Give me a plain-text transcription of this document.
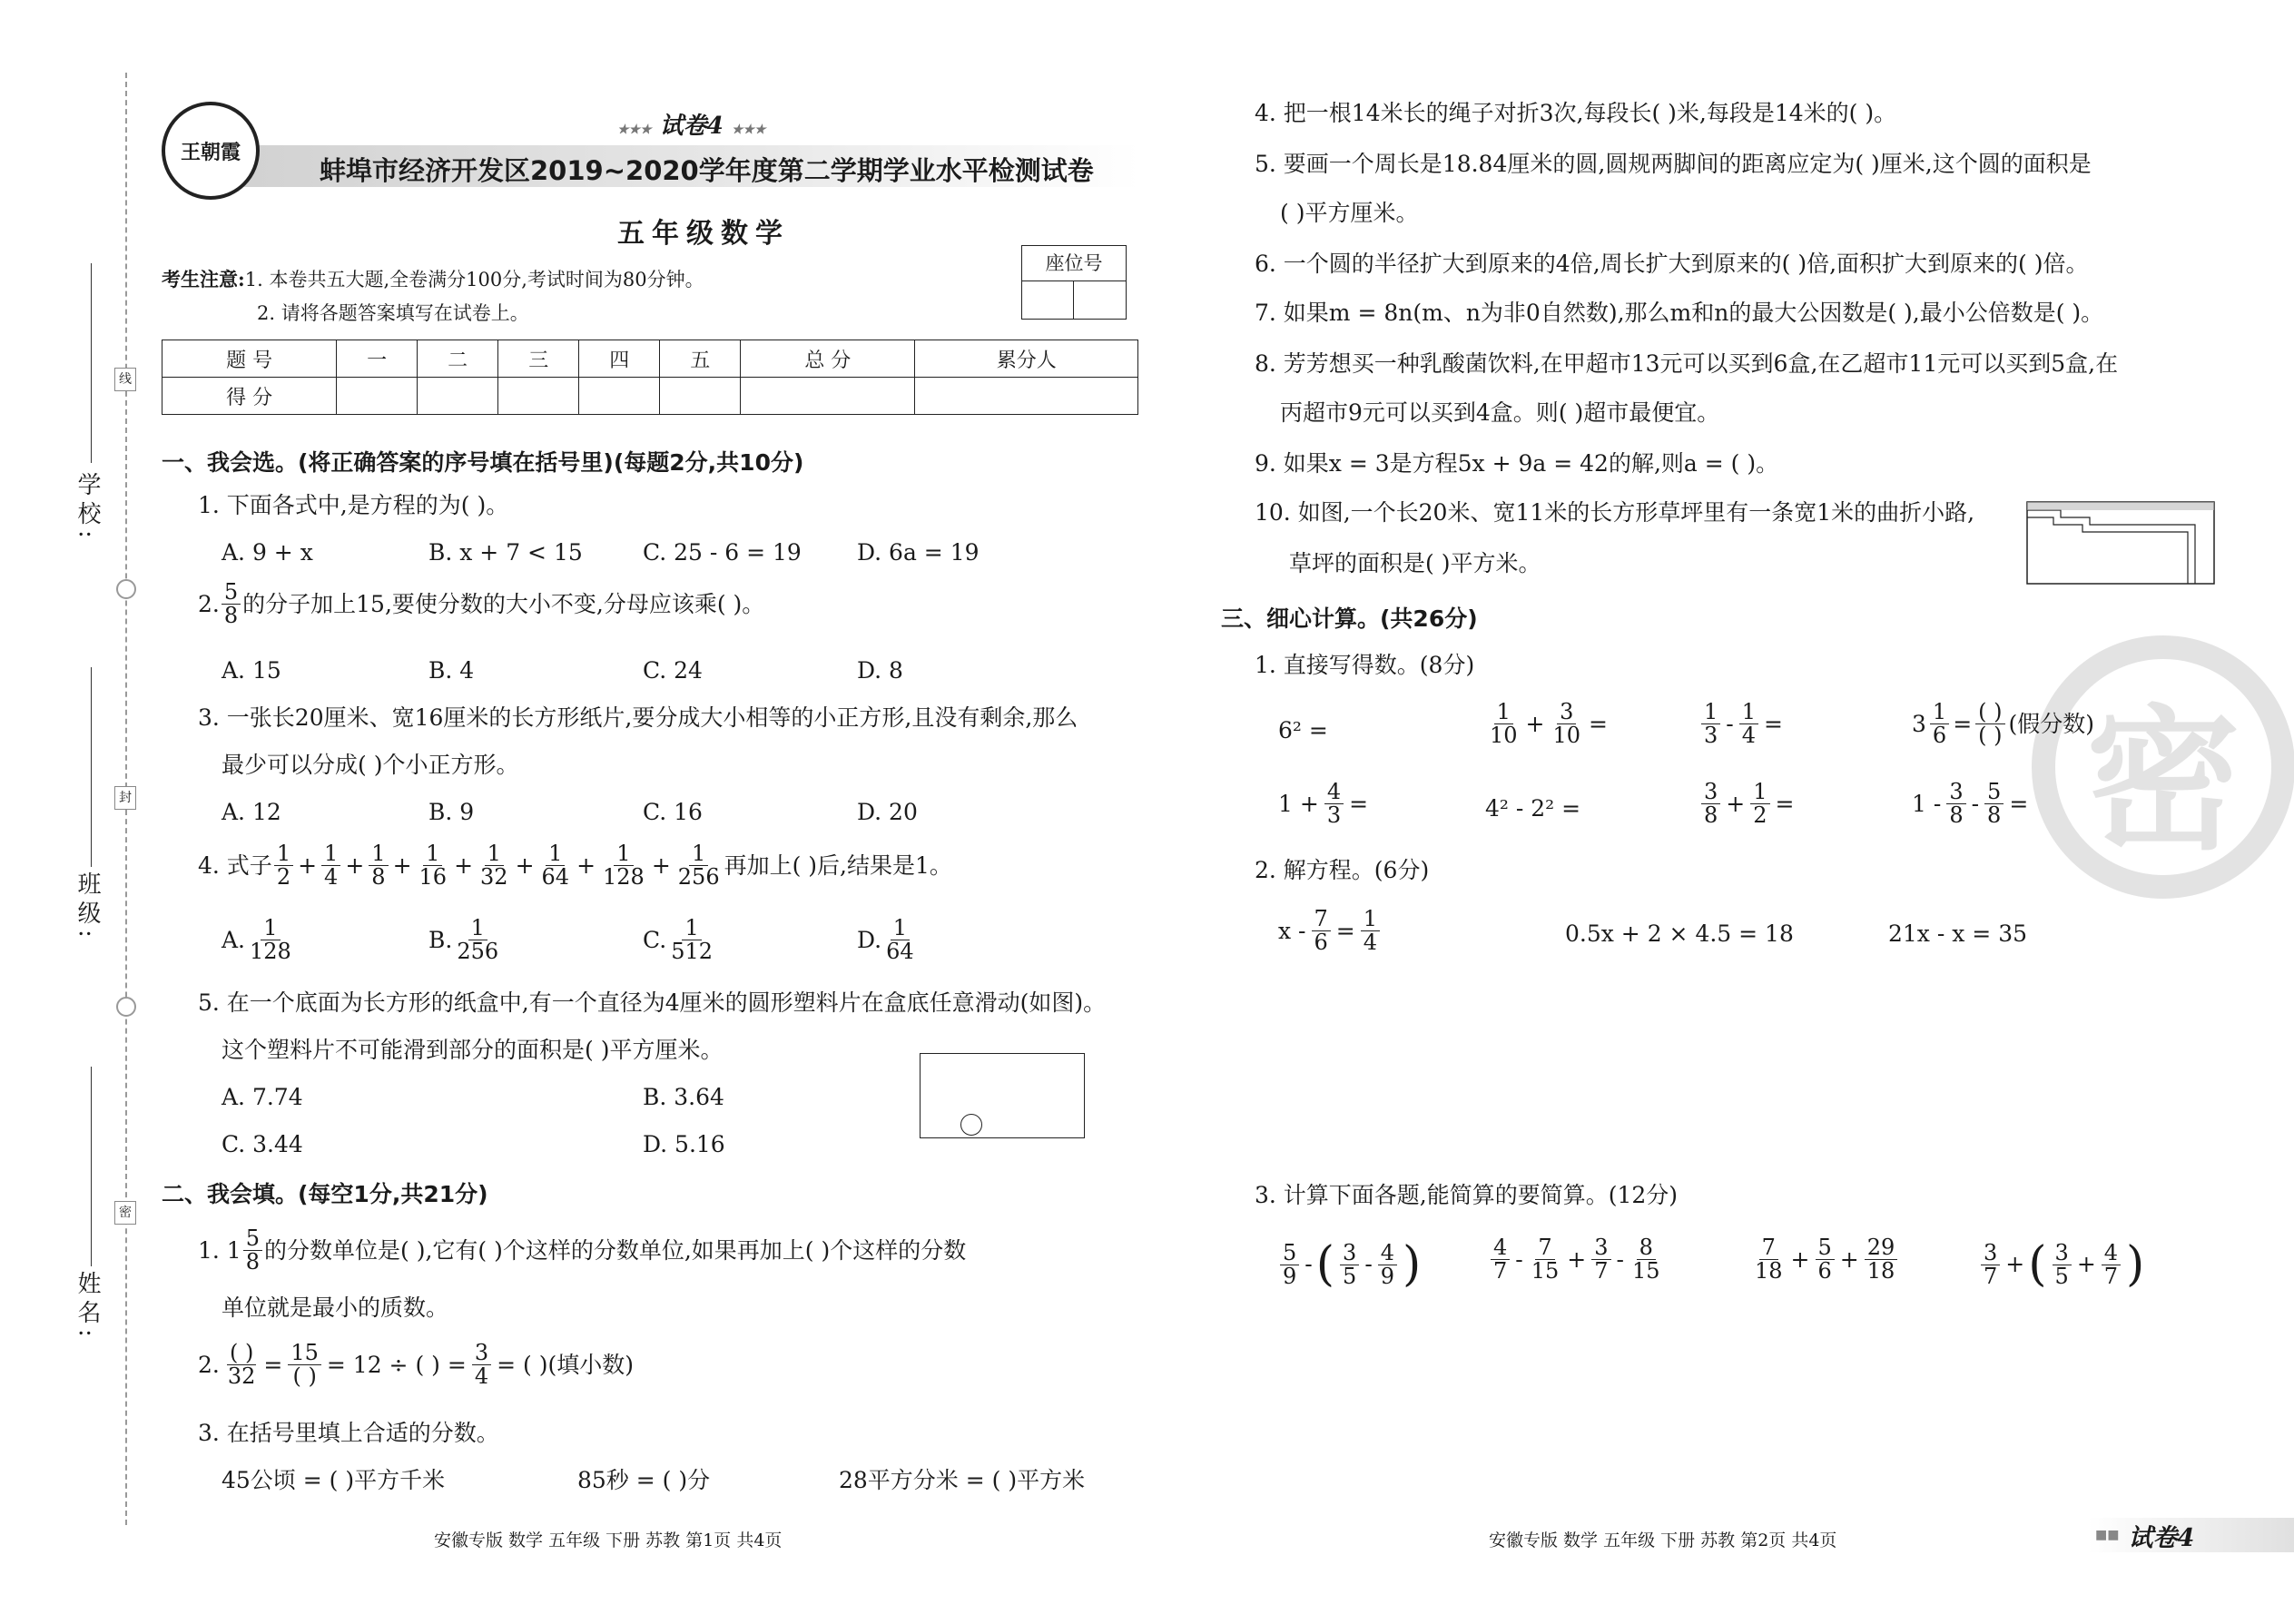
学校:
班级:
姓名:
线
封
密
王朝霞
★★★ 试卷4 ★★★
蚌埠市经济开发区2019~2020学年度第二学期学业水平检测试卷
五年级数学
座位号
考生注意:1. 本卷共五大题,全卷满分100分,考试时间为80分钟。
2. 请将各题答案填写在试卷上。
题 号	一	二	三	四	五	总 分	累分人
得 分							
一、我会选。(将正确答案的序号填在括号里)(每题2分,共10分)
1. 下面各式中,是方程的为( )。
A. 9 + x	B. x + 7 < 15	C. 25 - 6 = 19 D. 6a = 19
2. $\frac{5}{8}$ 的分子加上15,要使分数的大小不变,分母应该乘( )。
A. 15	B. 4	C. 24	D. 8
3. 一张长20厘米、宽16厘米的长方形纸片,要分成大小相等的小正方形,且没有剩余,那么
最少可以分成( )个小正方形。
A. 12	B. 9	C. 16	D. 20
4. 式子 $\frac{1}{2} + \frac{1}{4} + \frac{1}{8} + \frac{1}{16} + \frac{1}{32} + \frac{1}{64} + \frac{1}{128} + \frac{1}{256}$ 再加上( )后,结果是1。
A. $\frac{1}{128}$	B. $\frac{1}{256}$	C. $\frac{1}{512}$	D. $\frac{1}{64}$
5. 在一个底面为长方形的纸盒中,有一个直径为4厘米的圆形塑料片在盒底任意滑动(如图)。
这个塑料片不可能滑到部分的面积是( )平方厘米。
A. 7.74	B. 3.64
C. 3.44	D. 5.16
二、我会填。(每空1分,共21分)
1. $1 \frac{5}{8}$ 的分数单位是( ),它有( )个这样的分数单位,如果再加上( )个这样的分数
单位就是最小的质数。
2. $\frac{( )}{32} = \frac{15}{( )} = 12$ ÷ ( ) = $\frac{3}{4}$ = ( )(填小数)
3. 在括号里填上合适的分数。
45公顷 = ( )平方千米	85秒 = ( )分	28平方分米 = ( )平方米
安徽专版 数学 五年级 下册 苏教 第1页 共4页
4. 把一根14米长的绳子对折3次,每段长( )米,每段是14米的( )。
5. 要画一个周长是18.84厘米的圆,圆规两脚间的距离应定为( )厘米,这个圆的面积是
( )平方厘米。
6. 一个圆的半径扩大到原来的4倍,周长扩大到原来的( )倍,面积扩大到原来的( )倍。
7. 如果m = 8n(m、n为非0自然数),那么m和n的最大公因数是( ),最小公倍数是( )。
8. 芳芳想买一种乳酸菌饮料,在甲超市13元可以买到6盒,在乙超市11元可以买到5盒,在
丙超市9元可以买到4盒。则( )超市最便宜。
9. 如果x = 3是方程5x + 9a = 42的解,则a = ( )。
10. 如图,一个长20米、宽11米的长方形草坪里有一条宽1米的曲折小路,
草坪的面积是( )平方米。
密
三、细心计算。(共26分)
1. 直接写得数。(8分)
6² =	$\frac{1}{10} + \frac{3}{10}$ =	$\frac{1}{3} - \frac{1}{4}$ =	$3 \frac{1}{6} = \frac{( )}{( )}$ (假分数)
$1 + \frac{4}{3}$ =	4² - 2² =	$\frac{3}{8} + \frac{1}{2}$ =	$1 - \frac{3}{8} - \frac{5}{8}$ =
2. 解方程。(6分)
$x - \frac{7}{6} = \frac{1}{4}$	0.5x + 2 × 4.5 = 18	21x - x = 35
3. 计算下面各题,能简算的要简算。(12分)
$\frac{5}{9}$ - ( $\frac{3}{5} - \frac{4}{9}$ )	$\frac{4}{7} - \frac{7}{15} + \frac{3}{7} - \frac{8}{15}$	$\frac{7}{18} + \frac{5}{6} + \frac{29}{18}$	$\frac{3}{7}$ + ( $\frac{3}{5} + \frac{4}{7}$ )
安徽专版 数学 五年级 下册 苏教 第2页 共4页	■■ 试卷4
